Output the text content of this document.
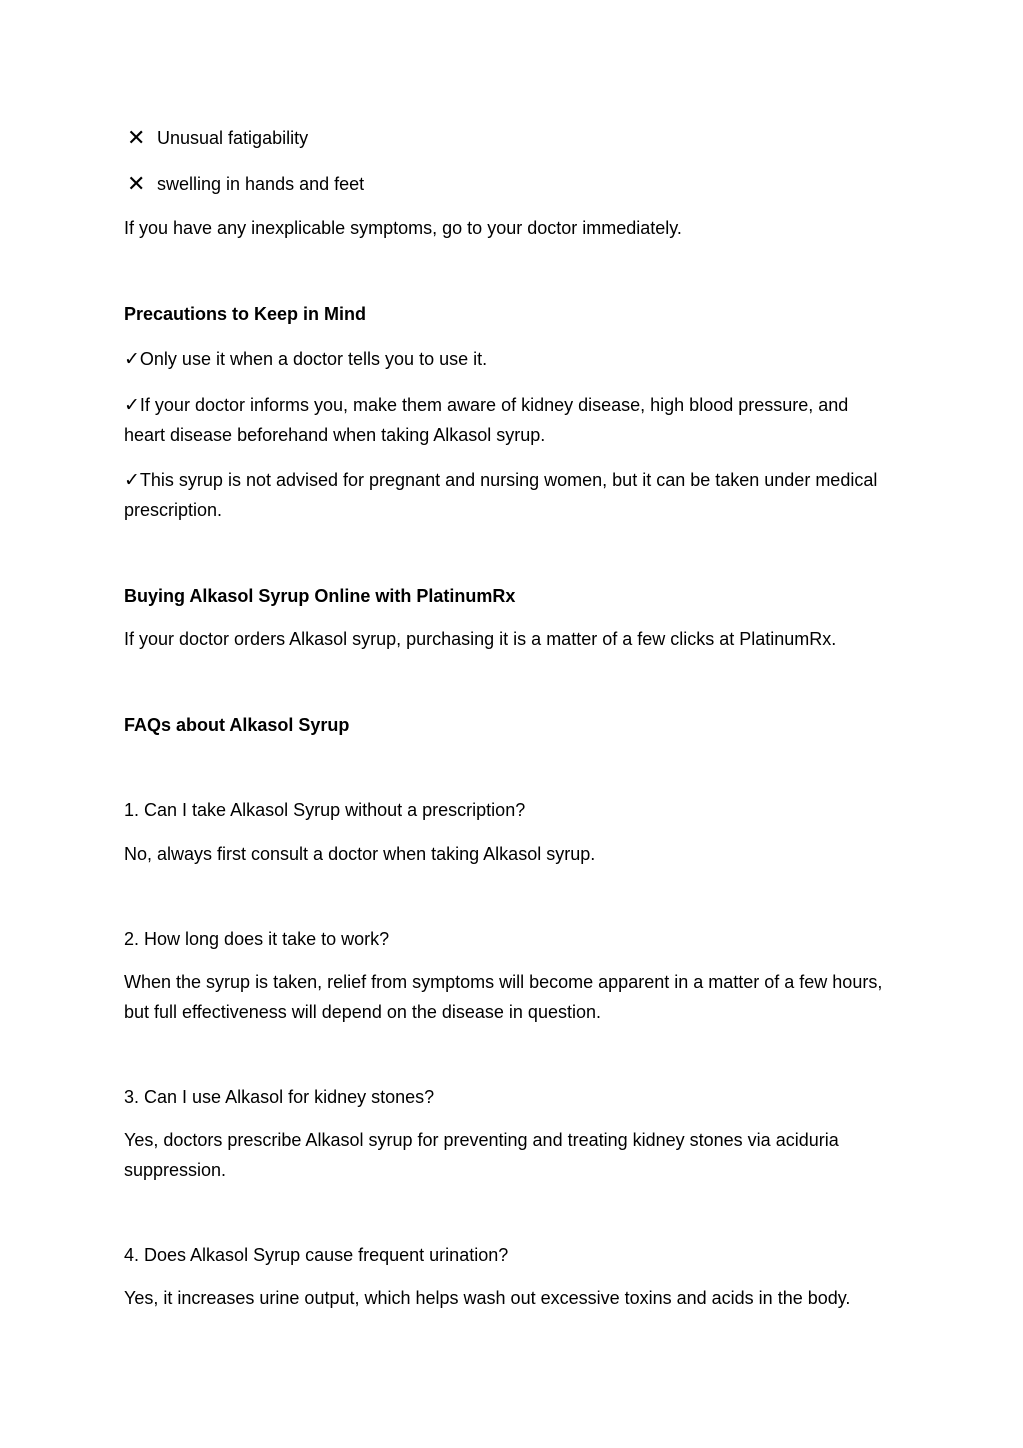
✕ Unusual fatigability
✕ swelling in hands and feet
If you have any inexplicable symptoms, go to your doctor immediately.
Precautions to Keep in Mind
✓Only use it when a doctor tells you to use it.
✓If your doctor informs you, make them aware of kidney disease, high blood pressure, and heart disease beforehand when taking Alkasol syrup.
✓This syrup is not advised for pregnant and nursing women, but it can be taken under medical prescription.
Buying Alkasol Syrup Online with PlatinumRx
If your doctor orders Alkasol syrup, purchasing it is a matter of a few clicks at PlatinumRx.
FAQs about Alkasol Syrup
1. Can I take Alkasol Syrup without a prescription?
No, always first consult a doctor when taking Alkasol syrup.
2. How long does it take to work?
When the syrup is taken, relief from symptoms will become apparent in a matter of a few hours, but full effectiveness will depend on the disease in question.
3. Can I use Alkasol for kidney stones?
Yes, doctors prescribe Alkasol syrup for preventing and treating kidney stones via aciduria suppression.
4. Does Alkasol Syrup cause frequent urination?
Yes, it increases urine output, which helps wash out excessive toxins and acids in the body.
